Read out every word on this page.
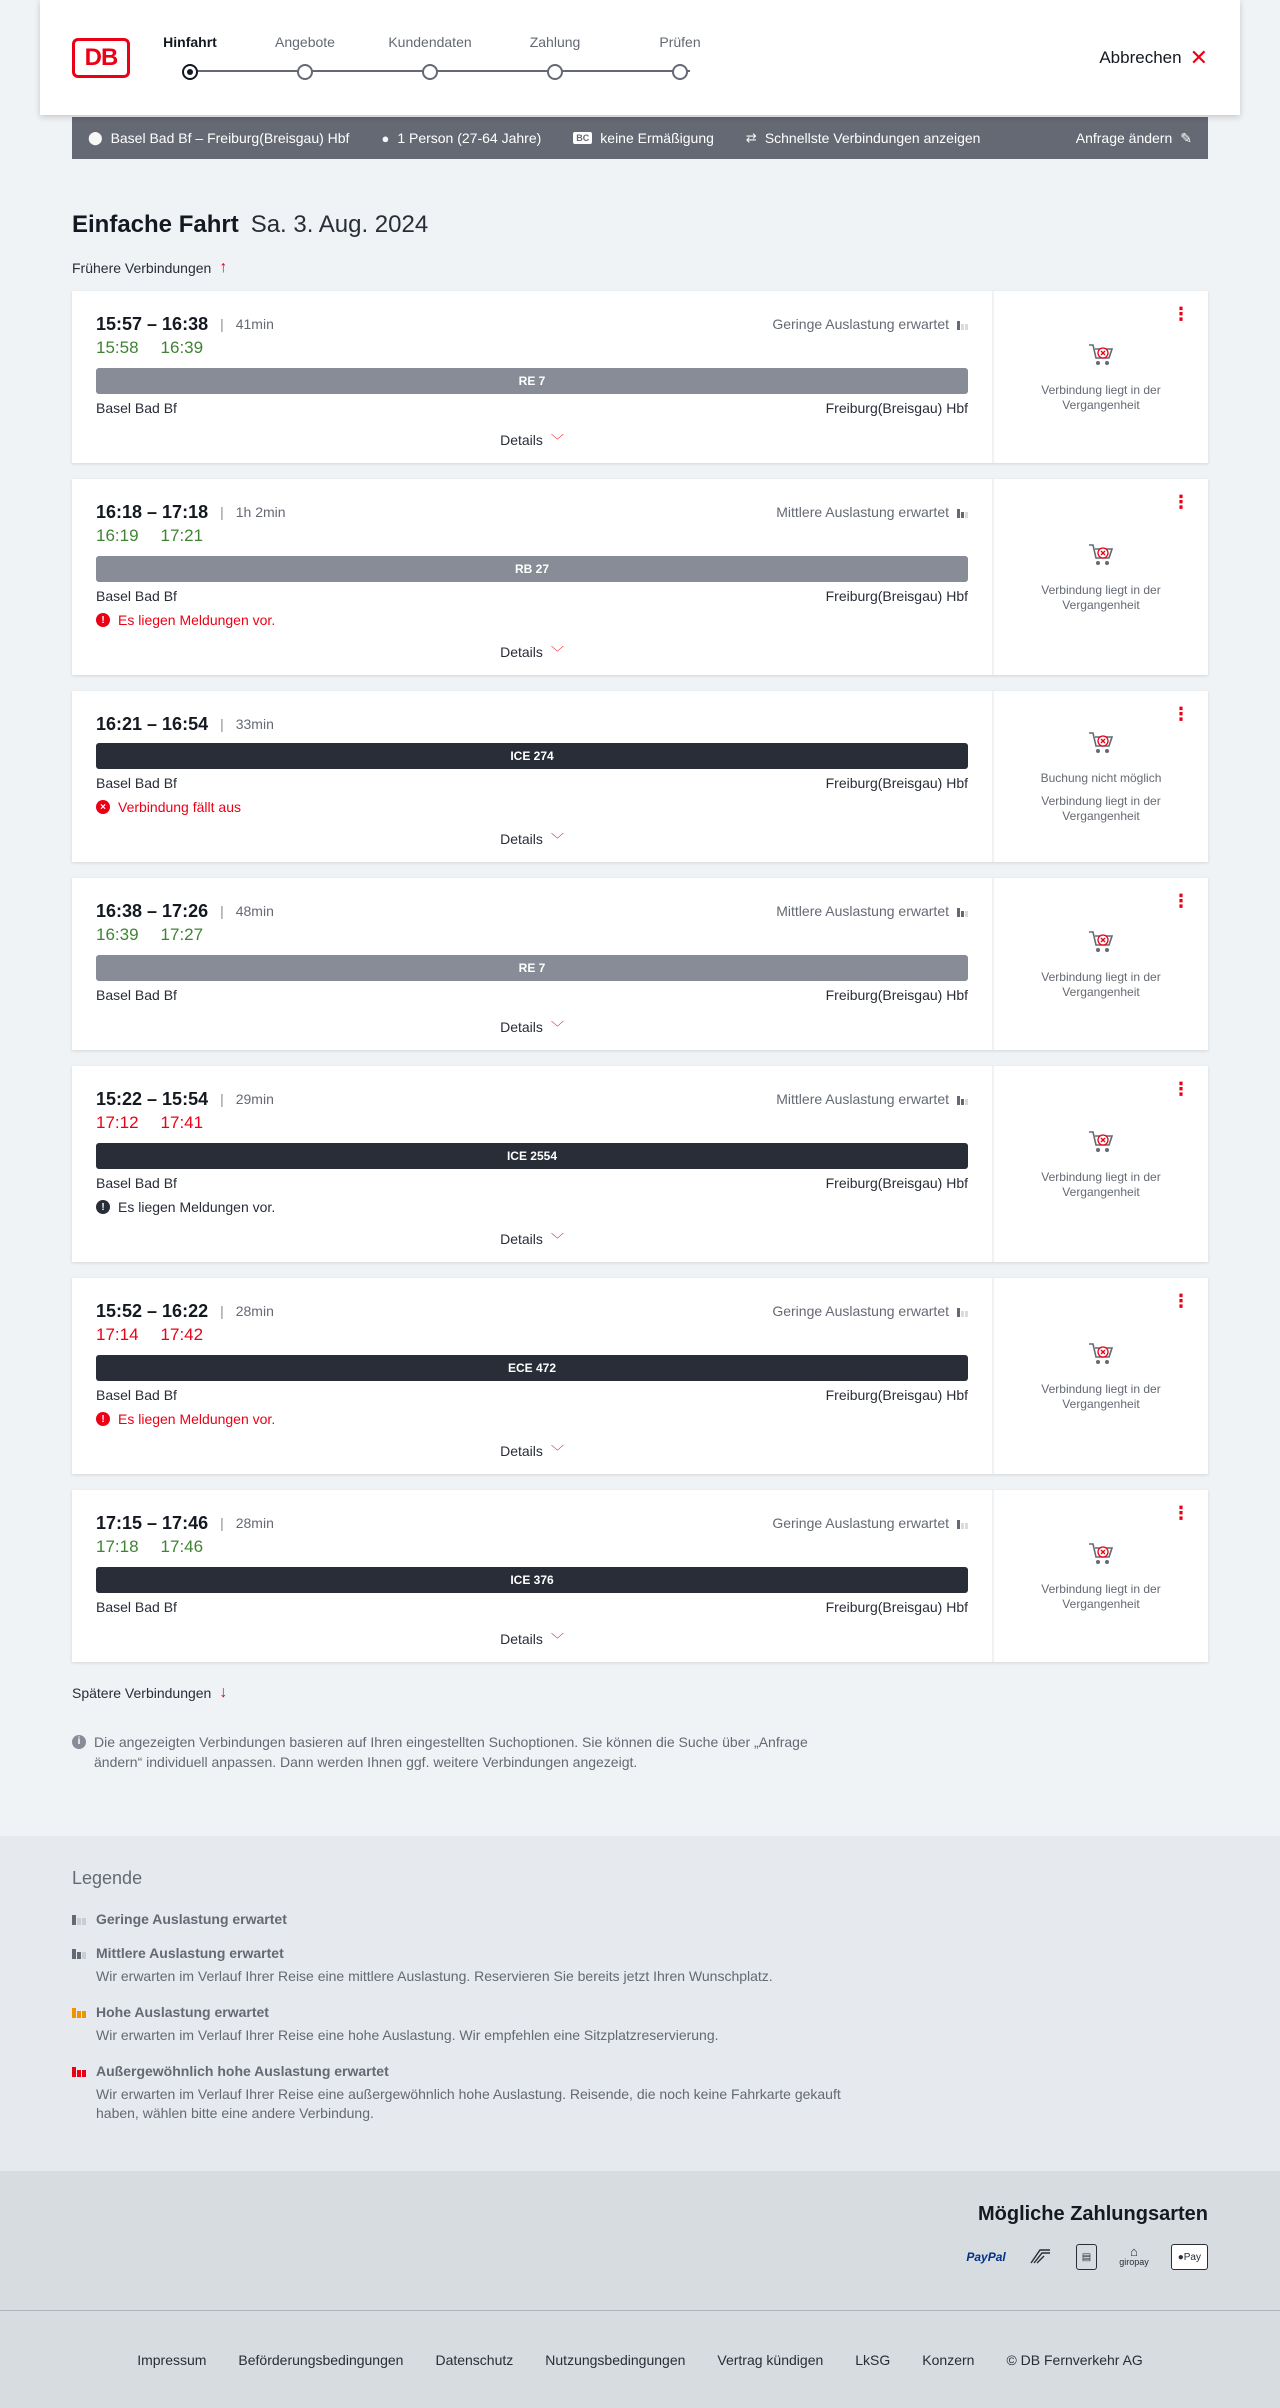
DB
Hinfahrt	Angebote	Kundendaten	Zahlung	Prüfen
Abbrechen ✕
⬤ Basel Bad Bf – Freiburg(Breisgau) Hbf ● 1 Person (27-64 Jahre)	BC keine Ermäßigung ⇄ Schnellste Verbindungen anzeigen	Anfrage ändern ✎
Einfache Fahrt Sa. 3. Aug. 2024
Frühere Verbindungen ↑
15:57 – 16:38 | 41min	Geringe Auslastung erwartet
15:58 16:39
RE 7
Basel Bad Bf	Freiburg(Breisgau) Hbf
Details ﹀
⋮
Verbindung liegt in der Vergangenheit
16:18 – 17:18 | 1h 2min	Mittlere Auslastung erwartet
16:19 17:21
RB 27
Basel Bad Bf	Freiburg(Breisgau) Hbf
! Es liegen Meldungen vor.
Details ﹀
⋮
Verbindung liegt in der Vergangenheit
16:21 – 16:54 | 33min
ICE 274
Basel Bad Bf	Freiburg(Breisgau) Hbf
× Verbindung fällt aus
Details ﹀
⋮
Buchung nicht möglich
Verbindung liegt in der Vergangenheit
16:38 – 17:26 | 48min	Mittlere Auslastung erwartet
16:39 17:27
RE 7
Basel Bad Bf	Freiburg(Breisgau) Hbf
Details ﹀
⋮
Verbindung liegt in der Vergangenheit
15:22 – 15:54 | 29min	Mittlere Auslastung erwartet
17:12 17:41
ICE 2554
Basel Bad Bf	Freiburg(Breisgau) Hbf
! Es liegen Meldungen vor.
Details ﹀
⋮
Verbindung liegt in der Vergangenheit
15:52 – 16:22 | 28min	Geringe Auslastung erwartet
17:14 17:42
ECE 472
Basel Bad Bf	Freiburg(Breisgau) Hbf
! Es liegen Meldungen vor.
Details ﹀
⋮
Verbindung liegt in der Vergangenheit
17:15 – 17:46 | 28min	Geringe Auslastung erwartet
17:18 17:46
ICE 376
Basel Bad Bf	Freiburg(Breisgau) Hbf
Details ﹀
⋮
Verbindung liegt in der Vergangenheit
Spätere Verbindungen ↓
i Die angezeigten Verbindungen basieren auf Ihren eingestellten Suchoptionen. Sie können die Suche über „Anfrage ändern“ individuell anpassen. Dann werden Ihnen ggf. weitere Verbindungen angezeigt.
Legende
Geringe Auslastung erwartet
Mittlere Auslastung erwartet
Wir erwarten im Verlauf Ihrer Reise eine mittlere Auslastung. Reservieren Sie bereits jetzt Ihren Wunschplatz.
Hohe Auslastung erwartet
Wir erwarten im Verlauf Ihrer Reise eine hohe Auslastung. Wir empfehlen eine Sitzplatzreservierung.
Außergewöhnlich hohe Auslastung erwartet
Wir erwarten im Verlauf Ihrer Reise eine außergewöhnlich hohe Auslastung. Reisende, die noch keine Fahrkarte gekauft haben, wählen bitte eine andere Verbindung.
Mögliche Zahlungsarten
PayPal	▤	⌂
giropay	● Pay
Impressum Beförderungsbedingungen Datenschutz Nutzungsbedingungen Vertrag kündigen LkSG Konzern © DB Fernverkehr AG
